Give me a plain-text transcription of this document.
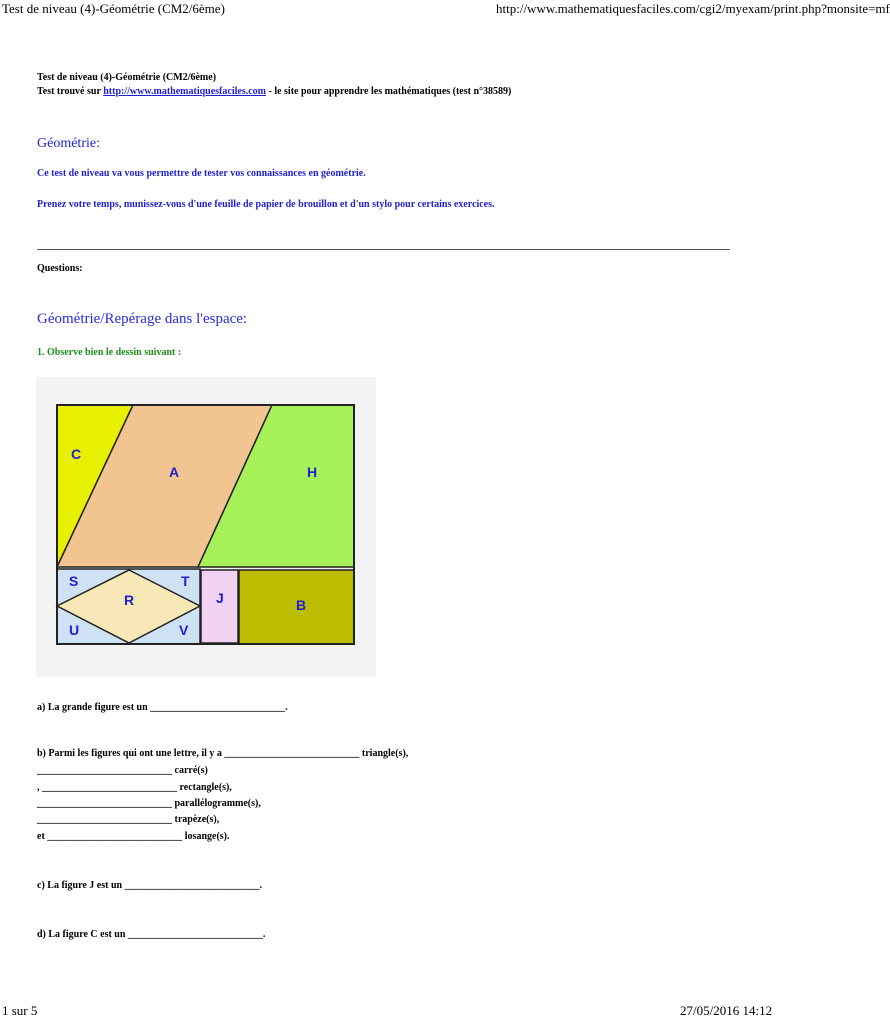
Test de niveau (4)-Géométrie (CM2/6ème)	http://www.mathematiquesfaciles.com/cgi2/myexam/print.php?monsite=mf
Test de niveau (4)-Géométrie (CM2/6ème)
Test trouvé sur http://www.mathematiquesfaciles.com - le site pour apprendre les mathématiques (test n°38589)
Géométrie:
Ce test de niveau va vous permettre de tester vos connaissances en géométrie.
Prenez votre temps, munissez-vous d'une feuille de papier de brouillon et d'un stylo pour certains exercices.
Questions:
Géométrie/Repérage dans l'espace:
1. Observe bien le dessin suivant :
C
A	H
S	T
R	J	B
U	V
a) La grande figure est un ___________________________.
b) Parmi les figures qui ont une lettre, il y a ___________________________ triangle(s),
___________________________ carré(s)
, ___________________________ rectangle(s),
___________________________ parallélogramme(s),
___________________________ trapèze(s),
et ___________________________ losange(s).
c) La figure J est un ___________________________.
d) La figure C est un ___________________________.
1 sur 5	27/05/2016 14:12
